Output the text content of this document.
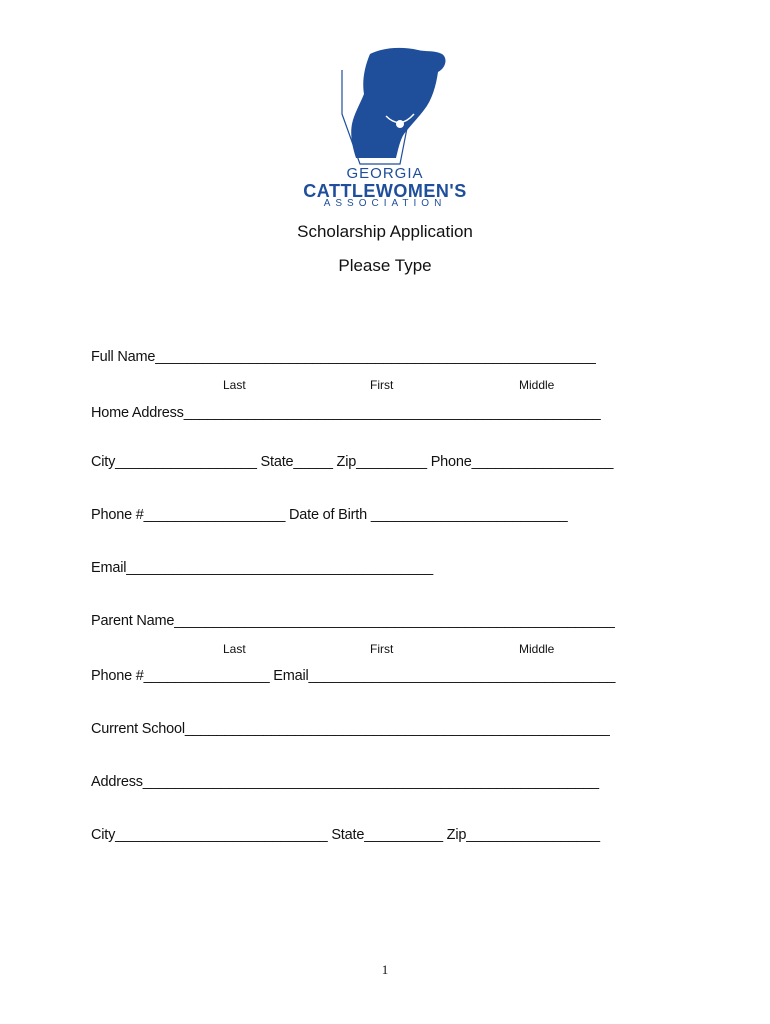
GEORGIA
CATTLEWOMEN'S
ASSOCIATION
Scholarship Application
Please Type
Full Name________________________________________________________
Last	First	Middle
Home Address_____________________________________________________
City__________________ State_____ Zip_________ Phone__________________
Phone #__________________ Date of Birth _________________________
Email_______________________________________
Parent Name________________________________________________________
Last	First	Middle
Phone #________________ Email_______________________________________
Current School______________________________________________________
Address__________________________________________________________
City___________________________ State__________ Zip_________________
1
